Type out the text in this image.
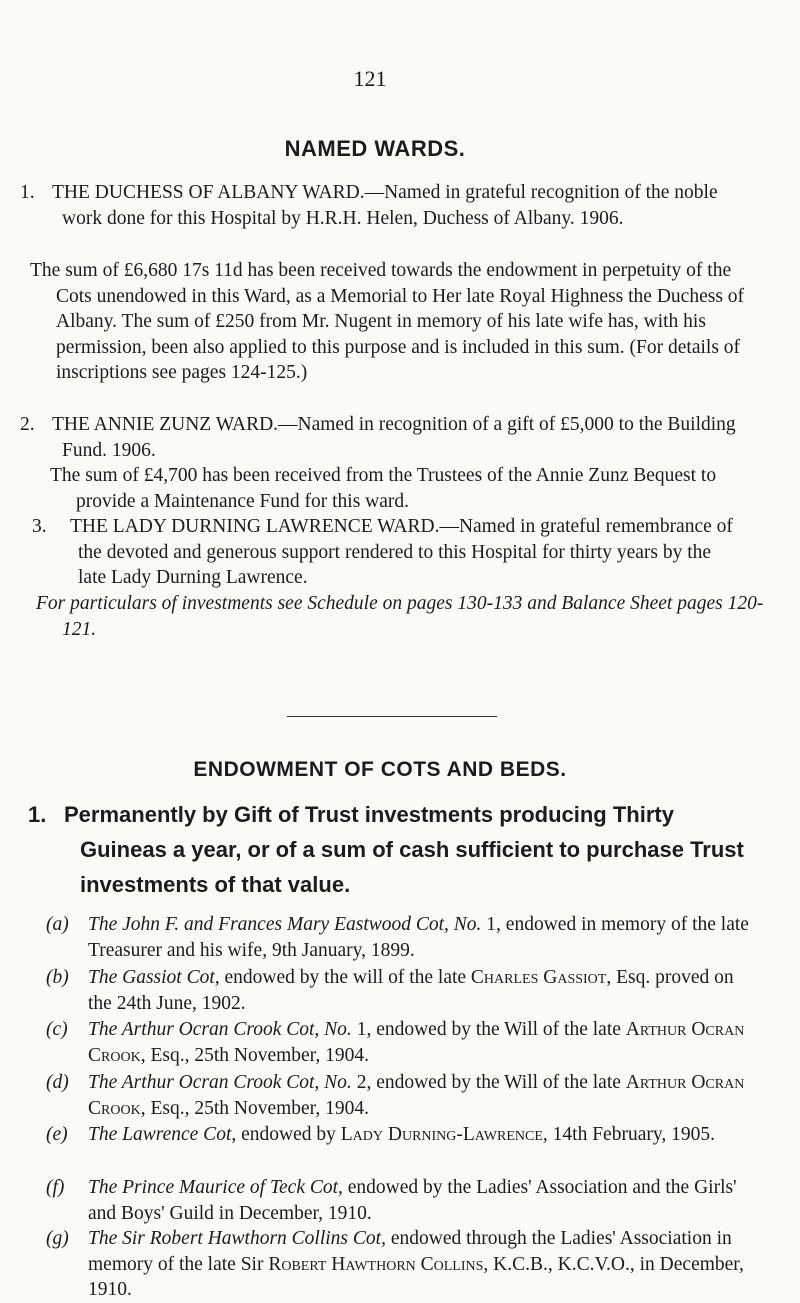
121
NAMED WARDS.
1. THE DUCHESS OF ALBANY WARD.—Named in grateful recognition of the noble work done for this Hospital by H.R.H. Helen, Duchess of Albany. 1906.

The sum of £6,680 17s 11d has been received towards the endowment in perpetuity of the Cots unendowed in this Ward, as a Memorial to Her late Royal Highness the Duchess of Albany. The sum of £250 from Mr. Nugent in memory of his late wife has, with his permission, been also applied to this purpose and is included in this sum. (For details of inscriptions see pages 124-125.)

2. THE ANNIE ZUNZ WARD.—Named in recognition of a gift of £5,000 to the Building Fund. 1906.

The sum of £4,700 has been received from the Trustees of the Annie Zunz Bequest to provide a Maintenance Fund for this ward.

3.	THE LADY DURNING LAWRENCE WARD.—Named in grateful remembrance of the devoted and generous support rendered to this Hospital for thirty years by the late Lady Durning Lawrence.

For particulars of investments see Schedule on pages 130-133 and Balance Sheet pages 120-121.

ENDOWMENT OF COTS AND BEDS.
1. Permanently by Gift of Trust investments producing Thirty Guineas a year, or of a sum of cash sufficient to purchase Trust investments of that value.
(a) The John F. and Frances Mary Eastwood Cot, No. 1, endowed in memory of the late Treasurer and his wife, 9th January, 1899.
(b) The Gassiot Cot, endowed by the will of the late Charles Gassiot, Esq. proved on the 24th June, 1902.
(c)	The Arthur Ocran Crook Cot, No. 1, endowed by the Will of the late Arthur Ocran Crook, Esq., 25th November, 1904.
(d) The Arthur Ocran Crook Cot, No. 2, endowed by the Will of the late Arthur Ocran Crook, Esq., 25th November, 1904.
(e)	The Lawrence Cot, endowed by Lady Durning-Lawrence, 14th February, 1905.
(f)	The Prince Maurice of Teck Cot, endowed by the Ladies' Association and the Girls' and Boys' Guild in December, 1910.
(g) The Sir Robert Hawthorn Collins Cot, endowed through the Ladies' Association in memory of the late Sir Robert Hawthorn Collins, K.C.B., K.C.V.O., in December, 1910.
